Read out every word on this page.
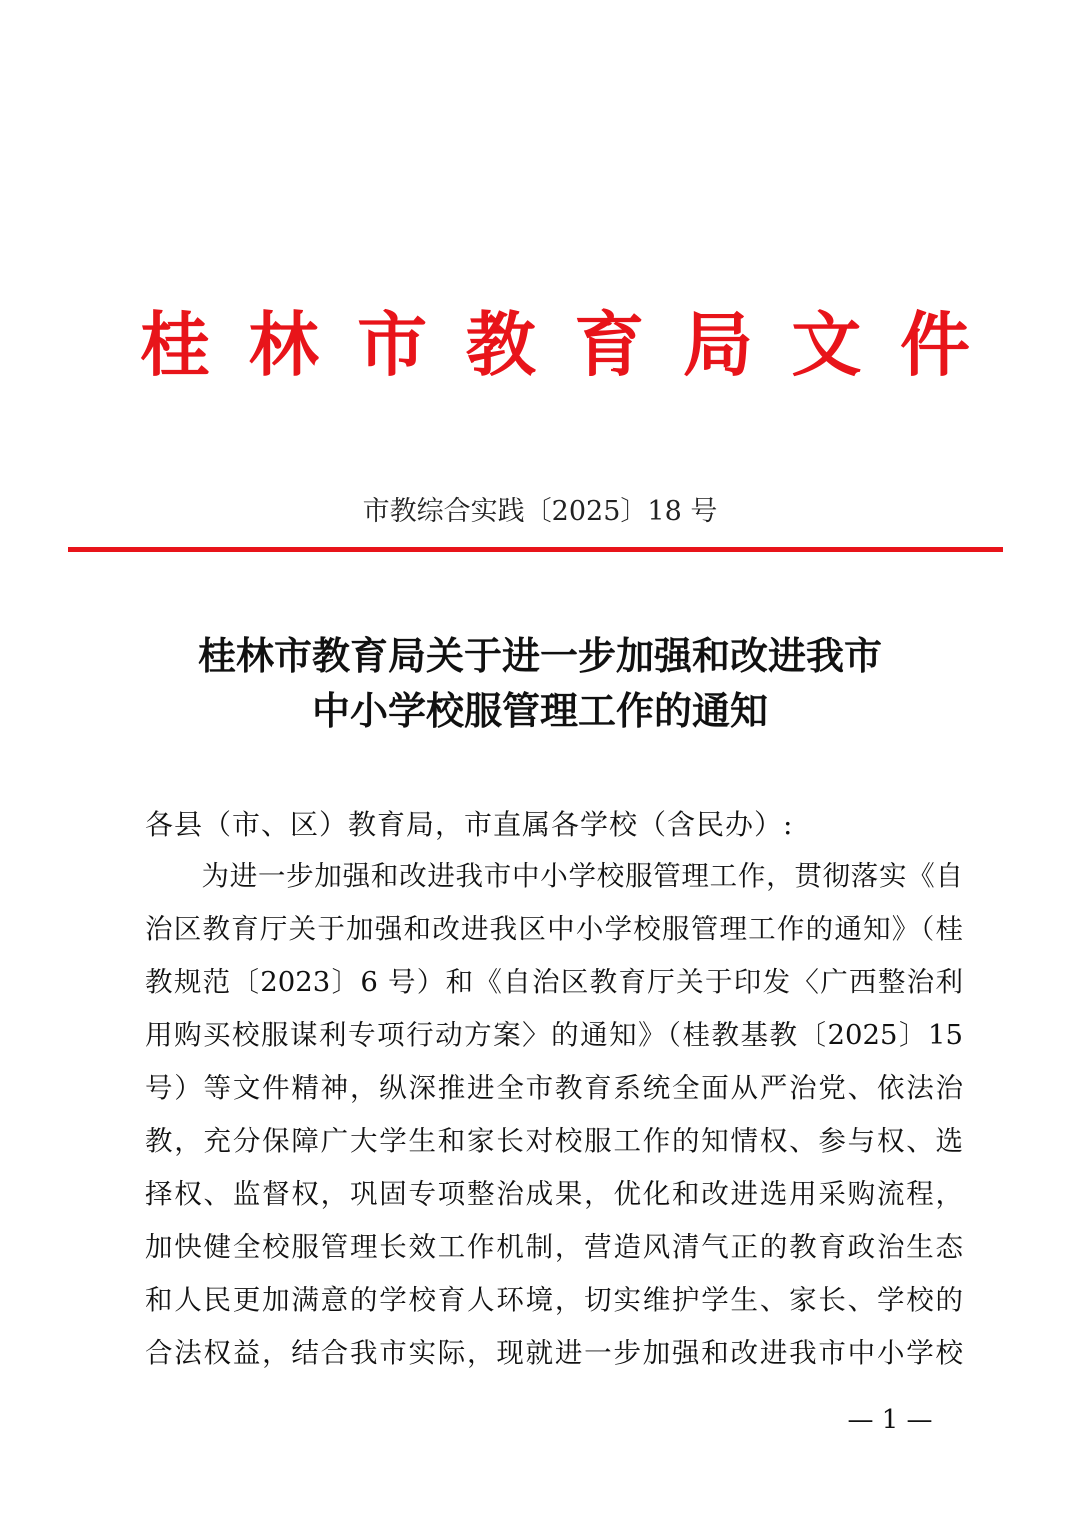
桂 林 市 教 育 局 文 件
市教综合实践〔2025〕18 号
桂林市教育局关于进一步加强和改进我市
中小学校服管理工作的通知
各县（市、区）教育局，市直属各学校（含民办）:
　　为进一步加强和改进我市中小学校服管理工作，贯彻落实《自
治区教育厅关于加强和改进我区中小学校服管理工作的通知》（桂
教规范〔2023〕6 号）和《自治区教育厅关于印发〈广西整治利
用购买校服谋利专项行动方案〉的通知》（桂教基教〔2025〕15
号）等文件精神，纵深推进全市教育系统全面从严治党、依法治
教，充分保障广大学生和家长对校服工作的知情权、参与权、选
择权、监督权，巩固专项整治成果，优化和改进选用采购流程，
加快健全校服管理长效工作机制，营造风清气正的教育政治生态
和人民更加满意的学校育人环境，切实维护学生、家长、学校的
合法权益，结合我市实际，现就进一步加强和改进我市中小学校
— 1 —
